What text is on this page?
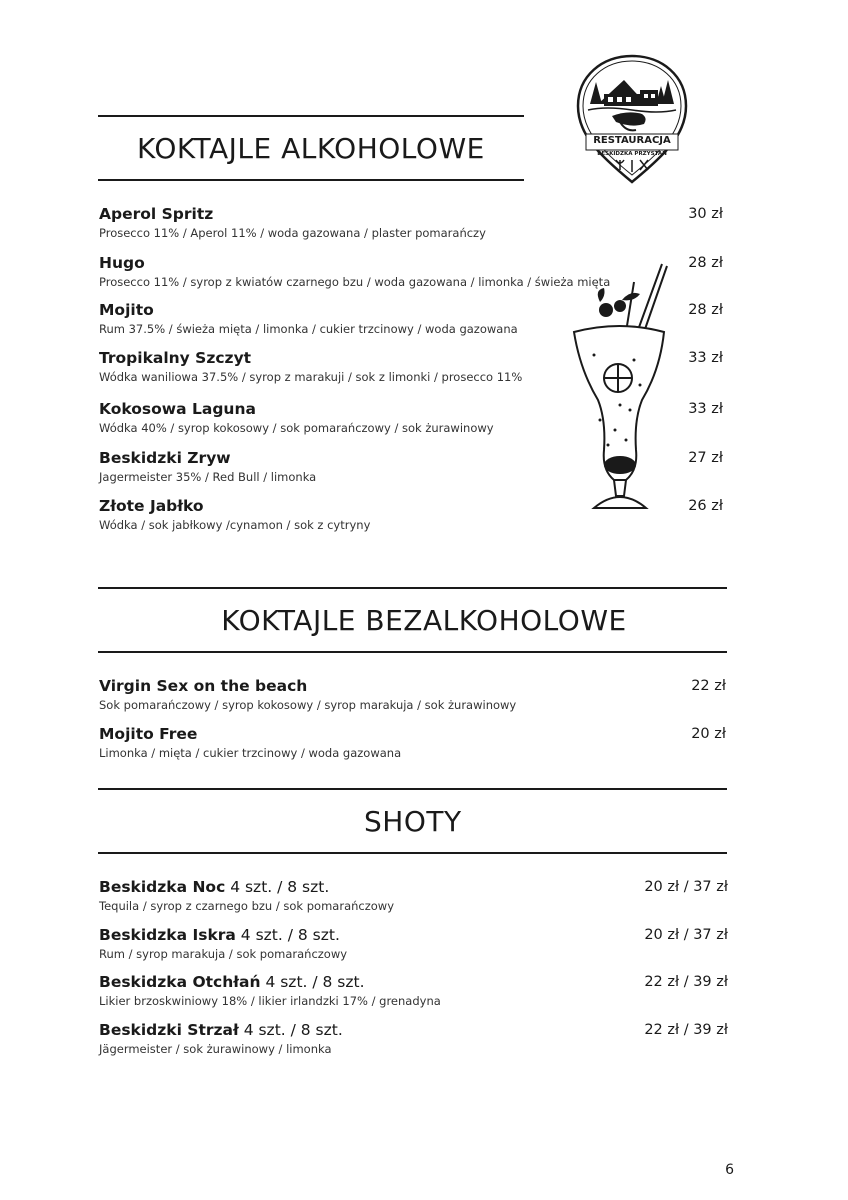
RESTAURACJA
BESKIDZKA PRZYSTAŃ
KOKTAJLE ALKOHOLOWE
Aperol Spritz
Prosecco 11% / Aperol 11% / woda gazowana / plaster pomarańczy
30 zł
Hugo
Prosecco 11% / syrop z kwiatów czarnego bzu / woda gazowana / limonka / świeża mięta
28 zł
Mojito
Rum 37.5% / świeża mięta / limonka / cukier trzcinowy / woda gazowana
28 zł
Tropikalny Szczyt
Wódka waniliowa 37.5% / syrop z marakuji / sok z limonki / prosecco 11%
33 zł
Kokosowa Laguna
Wódka 40% / syrop kokosowy / sok pomarańczowy / sok żurawinowy
33 zł
Beskidzki Zryw
Jagermeister 35% / Red Bull / limonka
27 zł
Złote Jabłko
Wódka / sok jabłkowy /cynamon / sok z cytryny
26 zł
KOKTAJLE BEZALKOHOLOWE
Virgin Sex on the beach
Sok pomarańczowy / syrop kokosowy / syrop marakuja / sok żurawinowy
22 zł
Mojito Free
Limonka / mięta / cukier trzcinowy / woda gazowana
20 zł
SHOTY
Beskidzka Noc 4 szt. / 8 szt.
Tequila / syrop z czarnego bzu / sok pomarańczowy
20 zł / 37 zł
Beskidzka Iskra 4 szt. / 8 szt.
Rum / syrop marakuja / sok pomarańczowy
20 zł / 37 zł
Beskidzka Otchłań 4 szt. / 8 szt.
Likier brzoskwiniowy 18% / likier irlandzki 17% / grenadyna
22 zł / 39 zł
Beskidzki Strzał 4 szt. / 8 szt.
Jägermeister / sok żurawinowy / limonka
22 zł / 39 zł
6
